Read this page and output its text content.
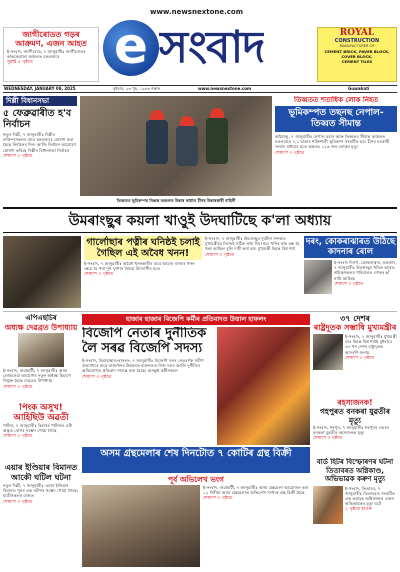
জাগীৰোডত গড়ৰ
আক্ৰমণ, এজন আহত
ই-সংবাদ, জাগীৰোড, ৭ জানুৱাৰীঃ জাগীৰোডৰ কাককেরাজা অঞ্চলত মঙলবাৰে
সুৱাই ৫ পৃষ্ঠাত
www.newsnextone.com
e সংবাদ	ROYAL
CONSTRUCTION
MANUFACTURER OF
CEMENT BRICK, PAVER BLOCK,
COVER BLOCK,
CEMENT TILES
WEDNESDAY, JANUARY 08, 2025	বুধবাৰ, ২৩ পুহ, ১৯৪৬ শকাব্দ	www.newsnextone.com	Guwahati
দিল্লী বিধানসভা
৫ ফেব্ৰুৱাৰীত হ'ব নিৰ্বাচন
নতুন দিল্লী, ৭ জানুৱাৰীঃ দিল্লীৰ বাসিন্দাসকলৰ বাবে মঙলবাৰে ঘোষণা কৰা হৈছে নিৰ্বাচনৰ দিন। আজি নিৰ্বাচন আয়োগে ঘোষণা কৰিছে দিল্লীৰ বিধানসভা নিৰ্বাচন
শেষাংশ ৩ পৃষ্ঠাত
তিব্বতত ভূমিকম্পৰ বিধ্বস্ত অঞ্চলত উদ্ধাৰ কাৰ্য্যত চীনৰ উদ্ধাৰকাৰী বাহিনী
তিব্বতত শতাধিক লোক নিহত
ভূমিকম্পত তছনছ নেপাল-তিব্বত সীমান্ত
কাঠমাণ্ডু, ৭ জানুৱাৰীঃ নেপাল বহাৰ আৰু তিব্বতৰ সীমান্ত অঞ্চলত মঙলবাৰে ৭.১ মাত্ৰাৰ শক্তিশালী ভূমিকম্প সংঘটিত হয়। চীনৰ চৰকাৰী সংবাদ মাধ্যমৰ মতে অন্ততঃ ১২৬ জন লোকৰ মৃত্যু
শেষাংশ ৩ পৃষ্ঠাত
উমৰাংছুৰ কয়লা খাওুই উদঘাটিছে ক'লা অধ্যায়
গাৰ্লোছাৰ পত্নীৰ ঘনিষ্ঠই চলাই গৈছিল এই অবৈধ খনন!
ই-সংবাদ, ৭ জানুৱাৰীঃ অৱৈধ খননকাৰীৰ বাবে আমাৰ ৰাজ্যৰ খনন ক্ষেত্ৰ হৈ পৰা দুখ দুৰ্দশাৰ বিষয়ে উদ্যোগীৰ মতে
শেষাংশ ৩ পৃষ্ঠাত
ই-সংবাদ, ৭ জানুৱাৰীঃ উমৰাংছুৰ দুৰ্ঘটনা সন্দৰ্ভত মুখ্যমন্ত্ৰীয়ে নিজেই সঠিক তথ্য দিয়া হয়। খনিৰ কাম বন্ধ হৈ থকা আছিল বুলি দাবী কৰা হয়। মুখ্যমন্ত্ৰী হিমন্ত বিশ্ব শৰ্মা
শেষাংশ ৩ পৃষ্ঠাত
দৰং, কোকৰাঝাৰত উঠিছে কাদনাৰ ৰোল
ই-সংবাদ দিসপ, কোকৰাঝাৰ, মঙলদৈ, ৭ জানুৱাৰীঃ উমৰাংছুৰ খনিত আবদ্ধ শ্ৰমিকসকলৰ পৰিয়ালত শোকৰ ছাঁ নামি আহিছে
শেষাংশ ৩ পৃষ্ঠাত
এপিএছচিৰ
অধ্যক্ষ দেৱব্ৰত উপাধ্যায়
ই-সংবাদ, গুৱাহাটী, ৭ জানুৱাৰীঃ অসম লোকসেৱা আয়োগৰ নতুন অধ্যক্ষ হিচাপে নিযুক্ত হৈছে দেৱব্ৰত উপাধ্যায়
শেষাংশ ৩ পৃষ্ঠাত
পিংক অসুখ! আহিছিউ অৱতী
পাটনা, ৭ জানুৱাৰীঃ বিহাৰৰ পাটনাত এটা অদ্ভুত ৰোগৰ সম্ভেদ পোৱা গৈছে
শেষাংশ ৩ পৃষ্ঠাত
এয়াৰ ইণ্ডিয়াৰ বিমানত আকৌ ঘটিল ঘটনা
নতুন দিল্লী, ৭ জানুৱাৰীঃ এয়াৰ ইণ্ডিয়াৰ বিমানত পুনৰ এক ঘটনাৰ সম্ভেদ পোৱা গৈছে। যাত্ৰীসকলৰ মাজত
শেষাংশ ৩ পৃষ্ঠাত
হাজাৰ হাজাৰ বিজেপি কৰ্মীৰ প্ৰতিবাদত উত্তাল হাফলং
বিজেপি নেতাৰ দুৰ্নীতিক লৈ সৰৱ বিজেপি সদস্য
ই-সংবাদ, ডিমাহাছাও-হাফলং, ৭ জানুৱাৰীঃ বিজেপি দলৰ নেতৃবৰ্গক সমীপ প্ৰত্যাশাৰে বাবে বাজ্যখনৰ উন্নয়নত হাফলঙত নিজ দলৰ আজি দুৰ্নীতিৰ অভিযোগত প্ৰতিবাদ সাব্যস্ত কৰা হৈছে। অসন্তুষ্ট কৰ্মীসকলে
শেষাংশ ৩ পৃষ্ঠাত
৩৭ দেশৰ
ৰাষ্ট্ৰদূতক সম্ভাষি মুখ্যমন্ত্ৰীৰ
ই-সংবাদ, ৭ জানুৱাৰীঃ মুখ্যমন্ত্ৰী ডাঃ হিমন্ত বিশ্ব শৰ্মাই বুধবাৰে ৩৭ খন দেশৰ ৰাষ্ট্ৰদূতক আদৰণি জনায়
শেষাংশ ৩ পৃষ্ঠাত
ৰহস্যজনক!
গহপুৰত বনকৰা যুৱতীৰ মৃত্যু
ই-সংবাদ, গহপুৰ, ৭ জানুৱাৰীঃ গহপুৰৰ এঘৰৰ বনকৰা যুৱতীৰ ৰহস্যজনক মৃত্যু
শেষাংশ ৩ পৃষ্ঠাত
অসম গ্ৰন্থমেলাৰ শেষ দিনটোত ৭ কোটিৰ গ্ৰন্থ বিক্ৰী
পূৰ্ব অভিলেখ ভংগ
ই-সংবাদ, গুৱাহাটী, ৭ জানুৱাৰীঃ অসম গ্ৰন্থমেলা আয়োজন কৰা ১২ দিনীয়া অসম গ্ৰন্থমেলাত অভিলেখ সংখ্যক গ্ৰন্থ বিক্ৰী হৈছে
শেষাংশ ৩ পৃষ্ঠাত
বাৰ্ড হিটৰ বিস্ফোৰণৰ ঘটনা তিতাবৰত অগ্নিকাণ্ড, অভিভাৱক কৰুণ মৃত্যু
ই-সংবাদ, তিতাবৰ, ৭ জানুৱাৰীঃ তিতাবৰত সংঘটিত এক ভয়াৱহ অগ্নিকাণ্ডত এজন অভিভাৱকৰ মৃত্যু ঘটে
২ পৃষ্ঠাত চাওক
